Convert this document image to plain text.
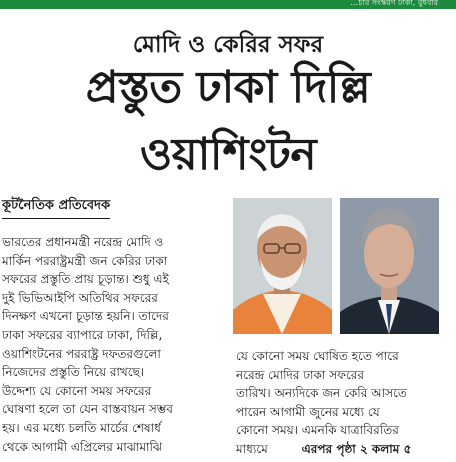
…চার সংস্করণ ঢাকা, বুধবার
মোদি ও কেরির সফর
প্রস্তুত ঢাকা দিল্লি
ওয়াশিংটন
কূটনৈতিক প্রতিবেদক
ভারতের প্রধানমন্ত্রী নরেন্দ্র মোদি ও
মার্কিন পররাষ্ট্রমন্ত্রী জন কেরির ঢাকা
সফরের প্রস্তুতি প্রায় চূড়ান্ত। শুধু এই
দুই ভিভিআইপি অতিথির সফরের
দিনক্ষণ এখনো চূড়ান্ত হয়নি। তাদের
ঢাকা সফরের ব্যাপারে ঢাকা, দিল্লি,
ওয়াশিংটনের পররাষ্ট্র দফতরগুলো
নিজেদের প্রস্তুতি নিয়ে রাখছে।
উদ্দেশ্য যে কোনো সময় সফরের
ঘোষণা হলে তা যেন বাস্তবায়ন সম্ভব
হয়। এর মধ্যে চলতি মার্চের শেষার্ধ
থেকে আগামী এপ্রিলের মাঝামাঝি
যে কোনো সময় ঘোষিত হতে পারে
নরেন্দ্র মোদির ঢাকা সফরের
তারিখ। অন্যদিকে জন কেরি আসতে
পারেন আগামী জুনের মধ্যে যে
কোনো সময়। এমনকি যাত্রাবিরতির
মাধ্যমে	এরপর পৃষ্ঠা ২ কলাম ৫
